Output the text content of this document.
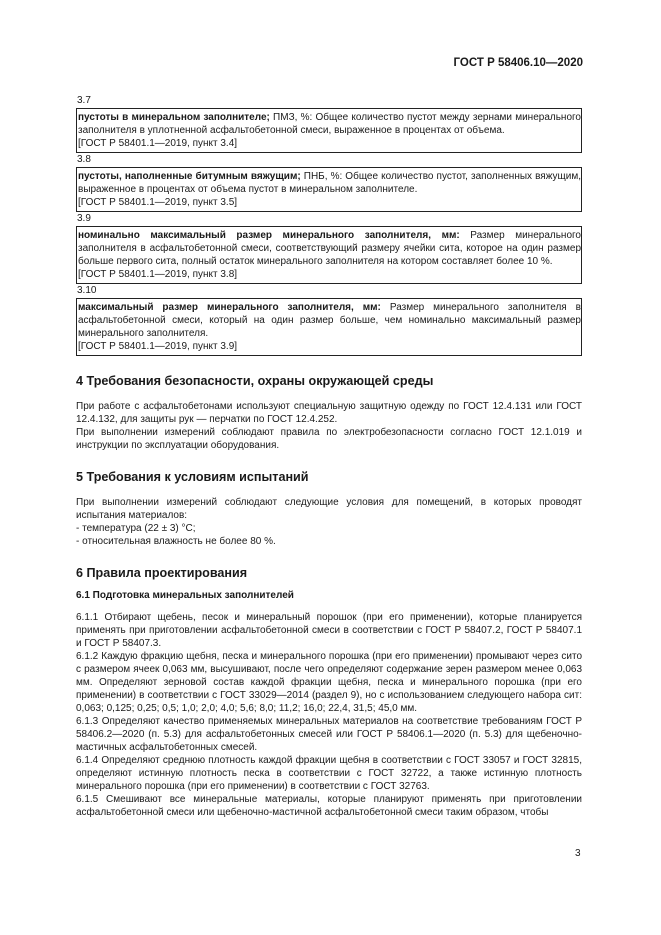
ГОСТ Р 58406.10—2020
3.7

пустоты в минеральном заполнителе; ПМЗ, %: Общее количество пустот между зернами минерального заполнителя в уплотненной асфальтобетонной смеси, выраженное в процентах от объема.

[ГОСТ Р 58401.1—2019, пункт 3.4]

3.8

пустоты, наполненные битумным вяжущим; ПНБ, %: Общее количество пустот, заполненных вяжущим, выраженное в процентах от объема пустот в минеральном заполнителе.

[ГОСТ Р 58401.1—2019, пункт 3.5]

3.9

номинально максимальный размер минерального заполнителя, мм: Размер минерального заполнителя в асфальтобетонной смеси, соответствующий размеру ячейки сита, которое на один размер больше первого сита, полный остаток минерального заполнителя на котором составляет более 10 %.

[ГОСТ Р 58401.1—2019, пункт 3.8]

3.10

максимальный размер минерального заполнителя, мм: Размер минерального заполнителя в асфальтобетонной смеси, который на один размер больше, чем номинально максимальный размер минерального заполнителя.

[ГОСТ Р 58401.1—2019, пункт 3.9]

4 Требования безопасности, охраны окружающей среды

При работе с асфальтобетонами используют специальную защитную одежду по ГОСТ 12.4.131 или ГОСТ 12.4.132, для защиты рук — перчатки по ГОСТ 12.4.252.

При выполнении измерений соблюдают правила по электробезопасности согласно ГОСТ 12.1.019 и инструкции по эксплуатации оборудования.

5 Требования к условиям испытаний

При выполнении измерений соблюдают следующие условия для помещений, в которых проводят испытания материалов:

- температура (22 ± 3) °С;

- относительная влажность не более 80 %.

6 Правила проектирования
6.1 Подготовка минеральных заполнителей

6.1.1 Отбирают щебень, песок и минеральный порошок (при его применении), которые планируется применять при приготовлении асфальтобетонной смеси в соответствии с ГОСТ Р 58407.2, ГОСТ Р 58407.1 и ГОСТ Р 58407.3.

6.1.2 Каждую фракцию щебня, песка и минерального порошка (при его применении) промывают через сито с размером ячеек 0,063 мм, высушивают, после чего определяют содержание зерен размером менее 0,063 мм. Определяют зерновой состав каждой фракции щебня, песка и минерального порошка (при его применении) в соответствии с ГОСТ 33029—2014 (раздел 9), но с использованием следующего набора сит: 0,063; 0,125; 0,25; 0,5; 1,0; 2,0; 4,0; 5,6; 8,0; 11,2; 16,0; 22,4, 31,5; 45,0 мм.

6.1.3 Определяют качество применяемых минеральных материалов на соответствие требованиям ГОСТ Р 58406.2—2020 (п. 5.3) для асфальтобетонных смесей или ГОСТ Р 58406.1—2020 (п. 5.3) для щебеночно-мастичных асфальтобетонных смесей.

6.1.4 Определяют среднюю плотность каждой фракции щебня в соответствии с ГОСТ 33057 и ГОСТ 32815, определяют истинную плотность песка в соответствии с ГОСТ 32722, а также истинную плотность минерального порошка (при его применении) в соответствии с ГОСТ 32763.

6.1.5 Смешивают все минеральные материалы, которые планируют применять при приготовлении асфальтобетонной смеси или щебеночно-мастичной асфальтобетонной смеси таким образом, чтобы

3
